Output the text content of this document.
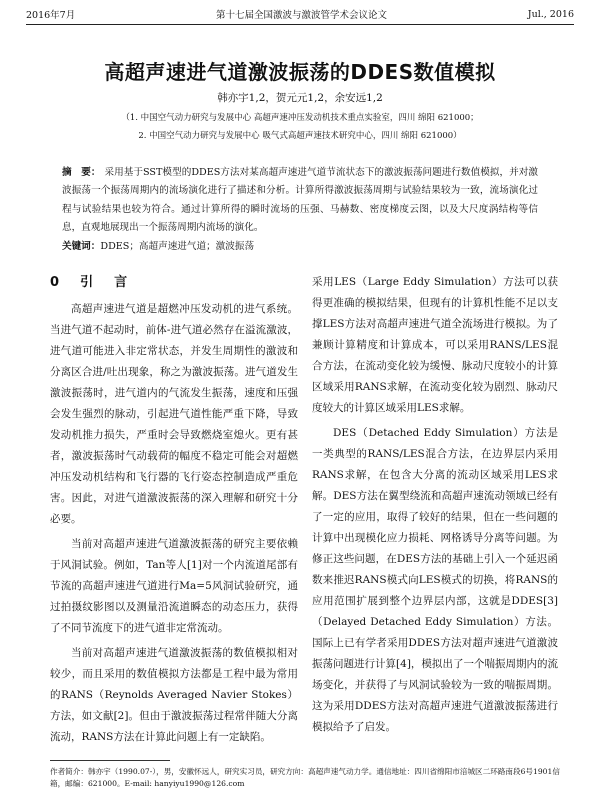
2016年7月	第十七届全国激波与激波管学术会议论文	Jul., 2016
高超声速进气道激波振荡的DDES数值模拟
韩亦宇1,2，贺元元1,2，余安远1,2
（1. 中国空气动力研究与发展中心 高超声速冲压发动机技术重点实验室，四川 绵阳 621000；
2. 中国空气动力研究与发展中心 吸气式高超声速技术研究中心，四川 绵阳 621000）
摘　要： 采用基于SST模型的DDES方法对某高超声速进气道节流状态下的激波振荡问题进行数值模拟，并对激波振荡一个振荡周期内的流场演化进行了描述和分析。计算所得激波振荡周期与试验结果较为一致，流场演化过程与试验结果也较为符合。通过计算所得的瞬时流场的压强、马赫数、密度梯度云图，以及大尺度涡结构等信息，直观地展现出一个振荡周期内流场的演化。
关键词：DDES；高超声速进气道；激波振荡
0 引　言

高超声速进气道是超燃冲压发动机的进气系统。当进气道不起动时，前体-进气道必然存在溢流激波，进气道可能进入非定常状态，并发生周期性的激波和分离区合进/吐出现象，称之为激波振荡。进气道发生激波振荡时，进气道内的气流发生振荡，速度和压强会发生强烈的脉动，引起进气道性能严重下降，导致发动机推力损失，严重时会导致燃烧室熄火。更有甚者，激波振荡时气动载荷的幅度不稳定可能会对超燃冲压发动机结构和飞行器的飞行姿态控制造成严重危害。因此，对进气道激波振荡的深入理解和研究十分必要。

当前对高超声速进气道激波振荡的研究主要依赖于风洞试验。例如，Tan等人[1]对一个内流道尾部有节流的高超声速进气道进行Ma=5风洞试验研究，通过拍摄纹影图以及测量沿流道瞬态的动态压力，获得了不同节流度下的进气道非定常流动。

当前对高超声速进气道激波振荡的数值模拟相对较少，而且采用的数值模拟方法都是工程中最为常用的RANS（Reynolds Averaged Navier Stokes）方法，如文献[2]。但由于激波振荡过程常伴随大分离流动，RANS方法在计算此问题上有一定缺陷。

采用LES（Large Eddy Simulation）方法可以获得更准确的模拟结果，但现有的计算机性能不足以支撑LES方法对高超声速进气道全流场进行模拟。为了兼顾计算精度和计算成本，可以采用RANS/LES混合方法，在流动变化较为缓慢、脉动尺度较小的计算区域采用RANS求解，在流动变化较为剧烈、脉动尺度较大的计算区域采用LES求解。

DES（Detached Eddy Simulation）方法是一类典型的RANS/LES混合方法，在边界层内采用RANS求解，在包含大分离的流动区域采用LES求解。DES方法在翼型绕流和高超声速流动领域已经有了一定的应用，取得了较好的结果，但在一些问题的计算中出现模化应力损耗、网格诱导分离等问题。为修正这些问题，在DES方法的基础上引入一个延迟函数来推迟RANS模式向LES模式的切换，将RANS的应用范围扩展到整个边界层内部，这就是DDES[3]（Delayed Detached Eddy Simulation）方法。国际上已有学者采用DDES方法对超声速进气道激波振荡问题进行计算[4]，模拟出了一个喘振周期内的流场变化，并获得了与风洞试验较为一致的喘振周期。这为采用DDES方法对高超声速进气道激波振荡进行模拟给予了启发。

作者简介：韩亦宇（1990.07-），男，安徽怀远人，研究实习员，研究方向：高超声速气动力学。通信地址：四川省绵阳市涪城区二环路南段6号1901信箱，邮编：621000。E-mail: hanyiyu1990@126.com
